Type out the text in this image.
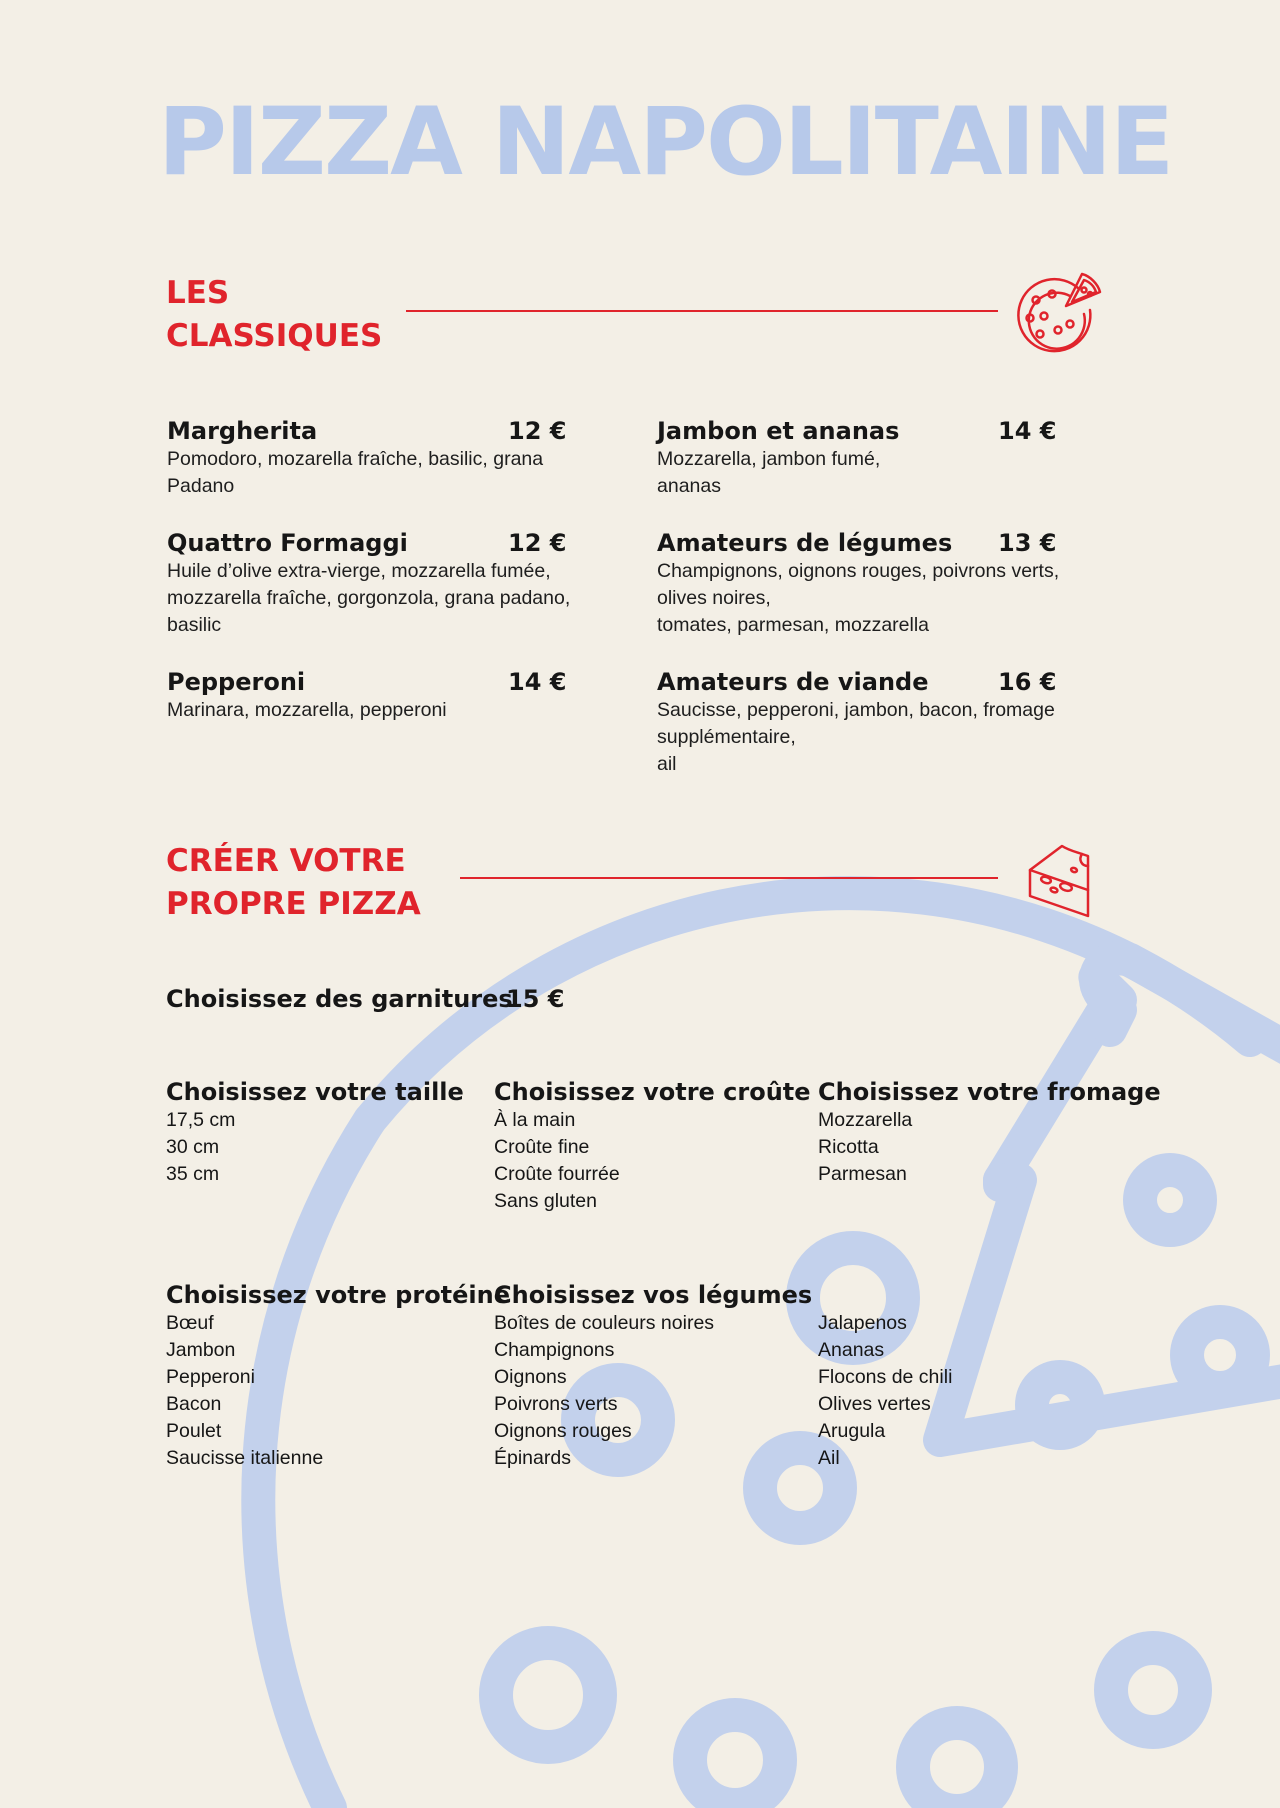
PIZZA NAPOLITAINE
LES
CLASSIQUES
Margherita	12 €
Pomodoro, mozarella fraîche, basilic, grana
Padano
Jambon et ananas	14 €
Mozzarella, jambon fumé,
ananas
Quattro Formaggi	12 €
Huile d’olive extra-vierge, mozzarella fumée,
mozzarella fraîche, gorgonzola, grana padano,
basilic
Amateurs de légumes	13 €
Champignons, oignons rouges, poivrons verts,
olives noires,
tomates, parmesan, mozzarella
Pepperoni	14 €
Marinara, mozzarella, pepperoni
Amateurs de viande	16 €
Saucisse, pepperoni, jambon, bacon, fromage
supplémentaire,
ail
CRÉER VOTRE
PROPRE PIZZA
Choisissez des garnitures
15 €
Choisissez votre taille
17,5 cm
30 cm
35 cm
Choisissez votre croûte
À la main
Croûte fine
Croûte fourrée
Sans gluten
Choisissez votre fromage
Mozzarella
Ricotta
Parmesan
Choisissez votre protéine
Bœuf
Jambon
Pepperoni
Bacon
Poulet
Saucisse italienne
Choisissez vos légumes
Boîtes de couleurs noires
Champignons
Oignons
Poivrons verts
Oignons rouges
Épinards
Jalapenos
Ananas
Flocons de chili
Olives vertes
Arugula
Ail
